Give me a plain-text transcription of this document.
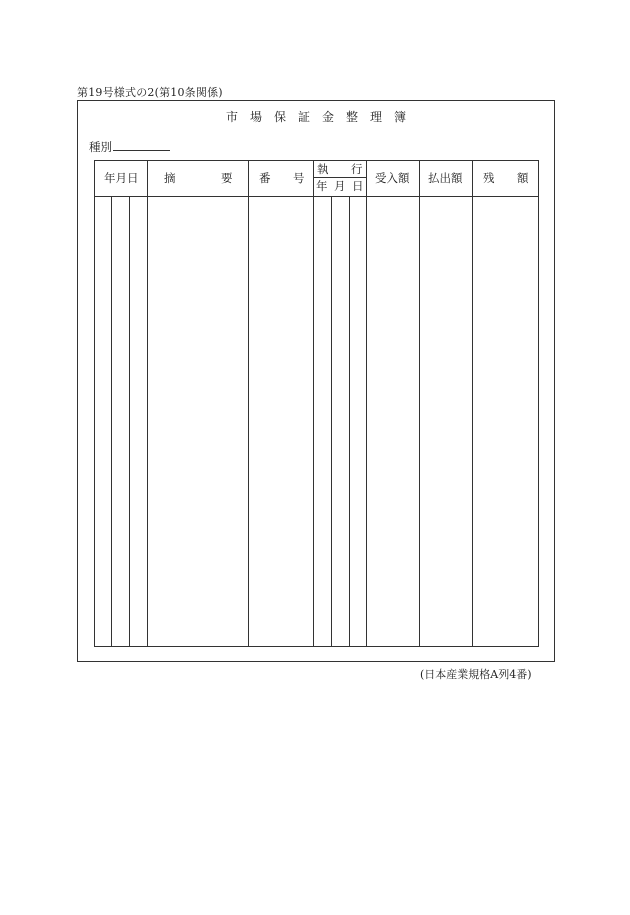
第19号様式の2(第10条関係)
市 場 保 証 金 整 理 簿
種別
年月日 摘	要 番 号
執 行
年 月 日
受入額 払出額 残 額
(日本産業規格A列4番)
